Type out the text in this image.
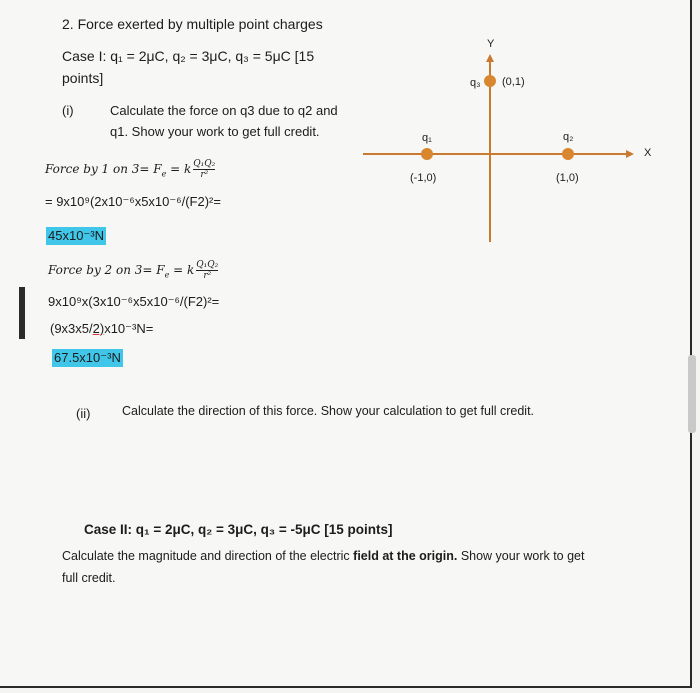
2. Force exerted by multiple point charges
Case I: q₁ = 2μC, q₂ = 3μC, q₃ = 5μC [15
points]
(i)	Calculate the force on q3 due to q2 and
q1. Show your work to get full credit.
Force by 1 on $3= F_e = k \frac{\text{Q₁Q₂}}{\text{r²}}$
= 9x10⁹(2x10⁻⁶x5x10⁻⁶/(F2)²=
45x10⁻³N
Force by 2 on $3= F_e = k \frac{\text{Q₁Q₂}}{\text{r²}}$
9x10⁹x(3x10⁻⁶x5x10⁻⁶/(F2)²=
(9x3x5/2)x10⁻³N=
67.5x10⁻³N
Y
X
q₃ (0,1)
q₁
(-1,0)
q₂
(1,0)
(ii)	Calculate the direction of this force. Show your calculation to get full credit.
Case II: q₁ = 2μC, q₂ = 3μC, q₃ = -5μC [15 points]
Calculate the magnitude and direction of the electric field at the origin. Show your work to get
full credit.
